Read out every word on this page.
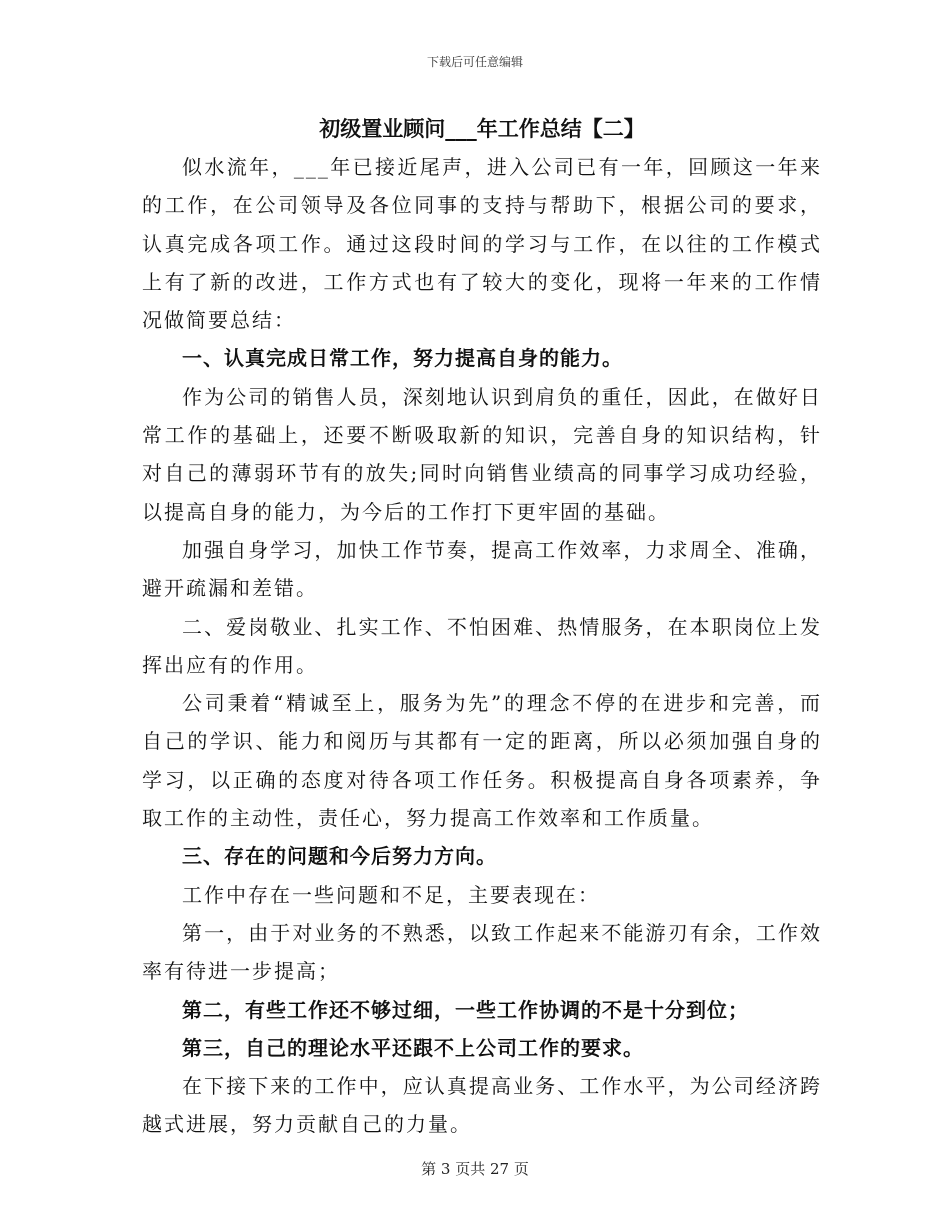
下载后可任意编辑
初级置业顾问___年工作总结【二】

似水流年，___年已接近尾声，进入公司已有一年，回顾这一年来的工作，在公司领导及各位同事的支持与帮助下，根据公司的要求，认真完成各项工作。通过这段时间的学习与工作，在以往的工作模式上有了新的改进，工作方式也有了较大的变化，现将一年来的工作情况做简要总结：

一、认真完成日常工作，努力提高自身的能力。

作为公司的销售人员，深刻地认识到肩负的重任，因此，在做好日常工作的基础上，还要不断吸取新的知识，完善自身的知识结构，针对自己的薄弱环节有的放失;同时向销售业绩高的同事学习成功经验，以提高自身的能力，为今后的工作打下更牢固的基础。

加强自身学习，加快工作节奏，提高工作效率，力求周全、准确，避开疏漏和差错。

二、爱岗敬业、扎实工作、不怕困难、热情服务，在本职岗位上发挥出应有的作用。

公司秉着“精诚至上，服务为先”的理念不停的在进步和完善，而自己的学识、能力和阅历与其都有一定的距离，所以必须加强自身的学习，以正确的态度对待各项工作任务。积极提高自身各项素养，争取工作的主动性，责任心，努力提高工作效率和工作质量。

三、存在的问题和今后努力方向。

工作中存在一些问题和不足，主要表现在：

第一，由于对业务的不熟悉，以致工作起来不能游刃有余，工作效率有待进一步提高；

第二，有些工作还不够过细，一些工作协调的不是十分到位；

第三，自己的理论水平还跟不上公司工作的要求。

在下接下来的工作中，应认真提高业务、工作水平，为公司经济跨越式进展，努力贡献自己的力量。

第 3 页共 27 页
